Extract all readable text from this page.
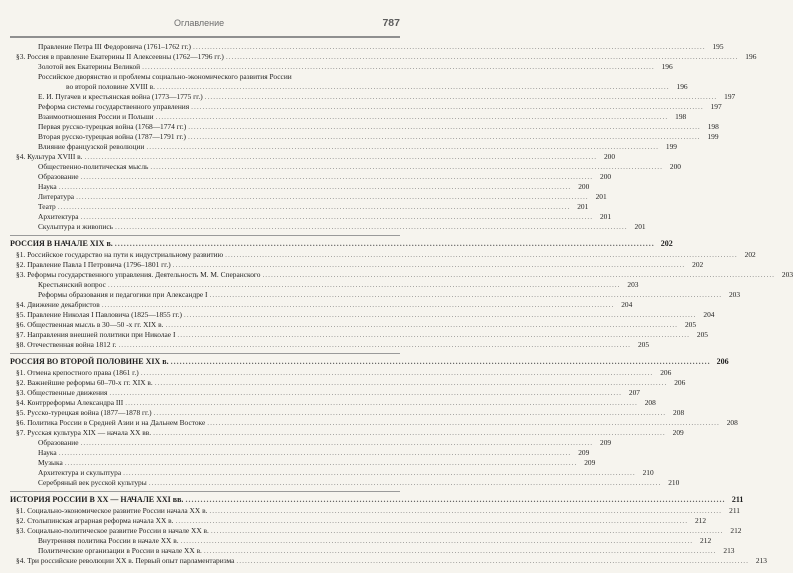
Оглавление	787
Правление Петра III Федоровича (1761–1762 гг.) .....	195
§3. Россия в правление Екатерины II Алексеевны (1762—1796 гг.) .....	196
Золотой век Екатерины Великой .....	196
Российское дворянство и проблемы социально-экономического развития России
во второй половине XVIII в. .....	196
Е. И. Пугачев и крестьянская война (1773—1775 гг.) .....	197
Реформа системы государственного управления .....	197
Взаимоотношения России и Польши .....	198
Первая русско-турецкая война (1768—1774 гг.) .....	198
Вторая русско-турецкая война (1787—1791 гг.) .....	199
Влияние французской революции .....	199
§4. Культура XVIII в. .....	200
Общественно-политическая мысль .....	200
Образование .....	200
Наука .....	200
Литература .....	201
Театр .....	201
Архитектура .....	201
Скульптура и живопись .....	201
РОССИЯ В НАЧАЛЕ XIX в. .....	202
§1. Российское государство на пути к индустриальному развитию .....	202
§2. Правление Павла I Петровича (1796–1801 гг.) .....	202
§3. Реформы государственного управления. Деятельность М. М. Сперанского .....	203
Крестьянский вопрос .....	203
Реформы образования и педагогики при Александре I .....	203
§4. Движение декабристов .....	204
§5. Правление Николая I Павловича (1825—1855 гг.) .....	204
§6. Общественная мысль в 30—50 -х гг. XIX в. .....	205
§7. Направления внешней политики при Николае I .....	205
§8. Отечественная война 1812 г. .....	205
РОССИЯ ВО ВТОРОЙ ПОЛОВИНЕ XIX в. .....	206
§1. Отмена крепостного права (1861 г.) .....	206
§2. Важнейшие реформы 60–70-х гг. XIX в. .....	206
§3. Общественные движения .....	207
§4. Контрреформы Александра III .....	208
§5. Русско-турецкая война (1877—1878 гг.) .....	208
§6. Политика России в Средней Азии и на Дальнем Востоке .....	208
§7. Русская культура XIX — начала XX вв. .....	209
Образование .....	209
Наука .....	209
Музыка .....	209
Архитектура и скульптура .....	210
Серебряный век русской культуры .....	210
ИСТОРИЯ РОССИИ В XX — НАЧАЛЕ XXI вв. .....	211
§1. Социально-экономическое развитие России начала XX в. .....	211
§2. Столыпинская аграрная реформа начала XX в. .....	212
§3. Социально-политическое развитие России в начале XX в. .....	212
Внутренняя политика России в начале XX в. .....	212
Политические организации в России в начале XX в. .....	213
§4. Три российские революции XX в. Первый опыт парламентаризма .....	213
